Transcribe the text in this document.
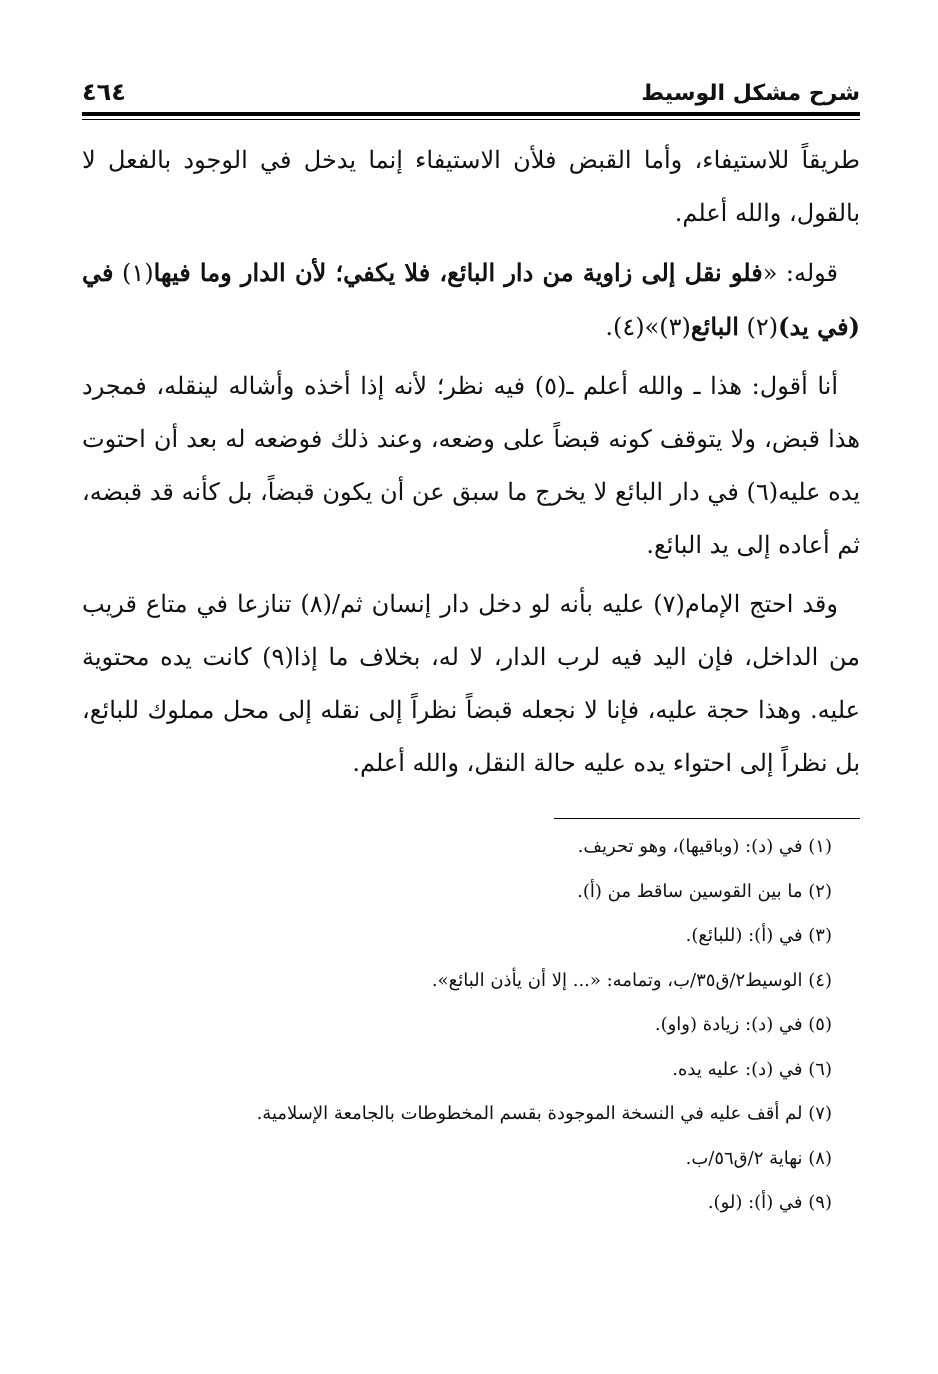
شرح مشكل الوسيط
٤٦٤

طريقاً للاستيفاء، وأما القبض فلأن الاستيفاء إنما يدخل في الوجود بالفعل لا بالقول، والله أعلم.

قوله: «فلو نقل إلى زاوية من دار البائع، فلا يكفي؛ لأن الدار وما فيها(١) في (في يد)(٢) البائع(٣)»(٤).

أنا أقول: هذا ـ والله أعلم ـ(٥) فيه نظر؛ لأنه إذا أخذه وأشاله لينقله، فمجرد هذا قبض، ولا يتوقف كونه قبضاً على وضعه، وعند ذلك فوضعه له بعد أن احتوت يده عليه(٦) في دار البائع لا يخرج ما سبق عن أن يكون قبضاً، بل كأنه قد قبضه، ثم أعاده إلى يد البائع.

وقد احتج الإمام(٧) عليه بأنه لو دخل دار إنسان ثم/(٨) تنازعا في متاع قريب من الداخل، فإن اليد فيه لرب الدار، لا له، بخلاف ما إذا(٩) كانت يده محتوية عليه. وهذا حجة عليه، فإنا لا نجعله قبضاً نظراً إلى نقله إلى محل مملوك للبائع، بل نظراً إلى احتواء يده عليه حالة النقل، والله أعلم.

(١) في (د): (وباقيها)، وهو تحريف.
(٢) ما بين القوسين ساقط من (أ).
(٣) في (أ): (للبائع).
(٤) الوسيط٢/ق٣٥/ب، وتمامه: «... إلا أن يأذن البائع».
(٥) في (د): زيادة (واو).
(٦) في (د): عليه يده.
(٧) لم أقف عليه في النسخة الموجودة بقسم المخطوطات بالجامعة الإسلامية.
(٨) نهاية ٢/ق٥٦/ب.
(٩) في (أ): (لو).
